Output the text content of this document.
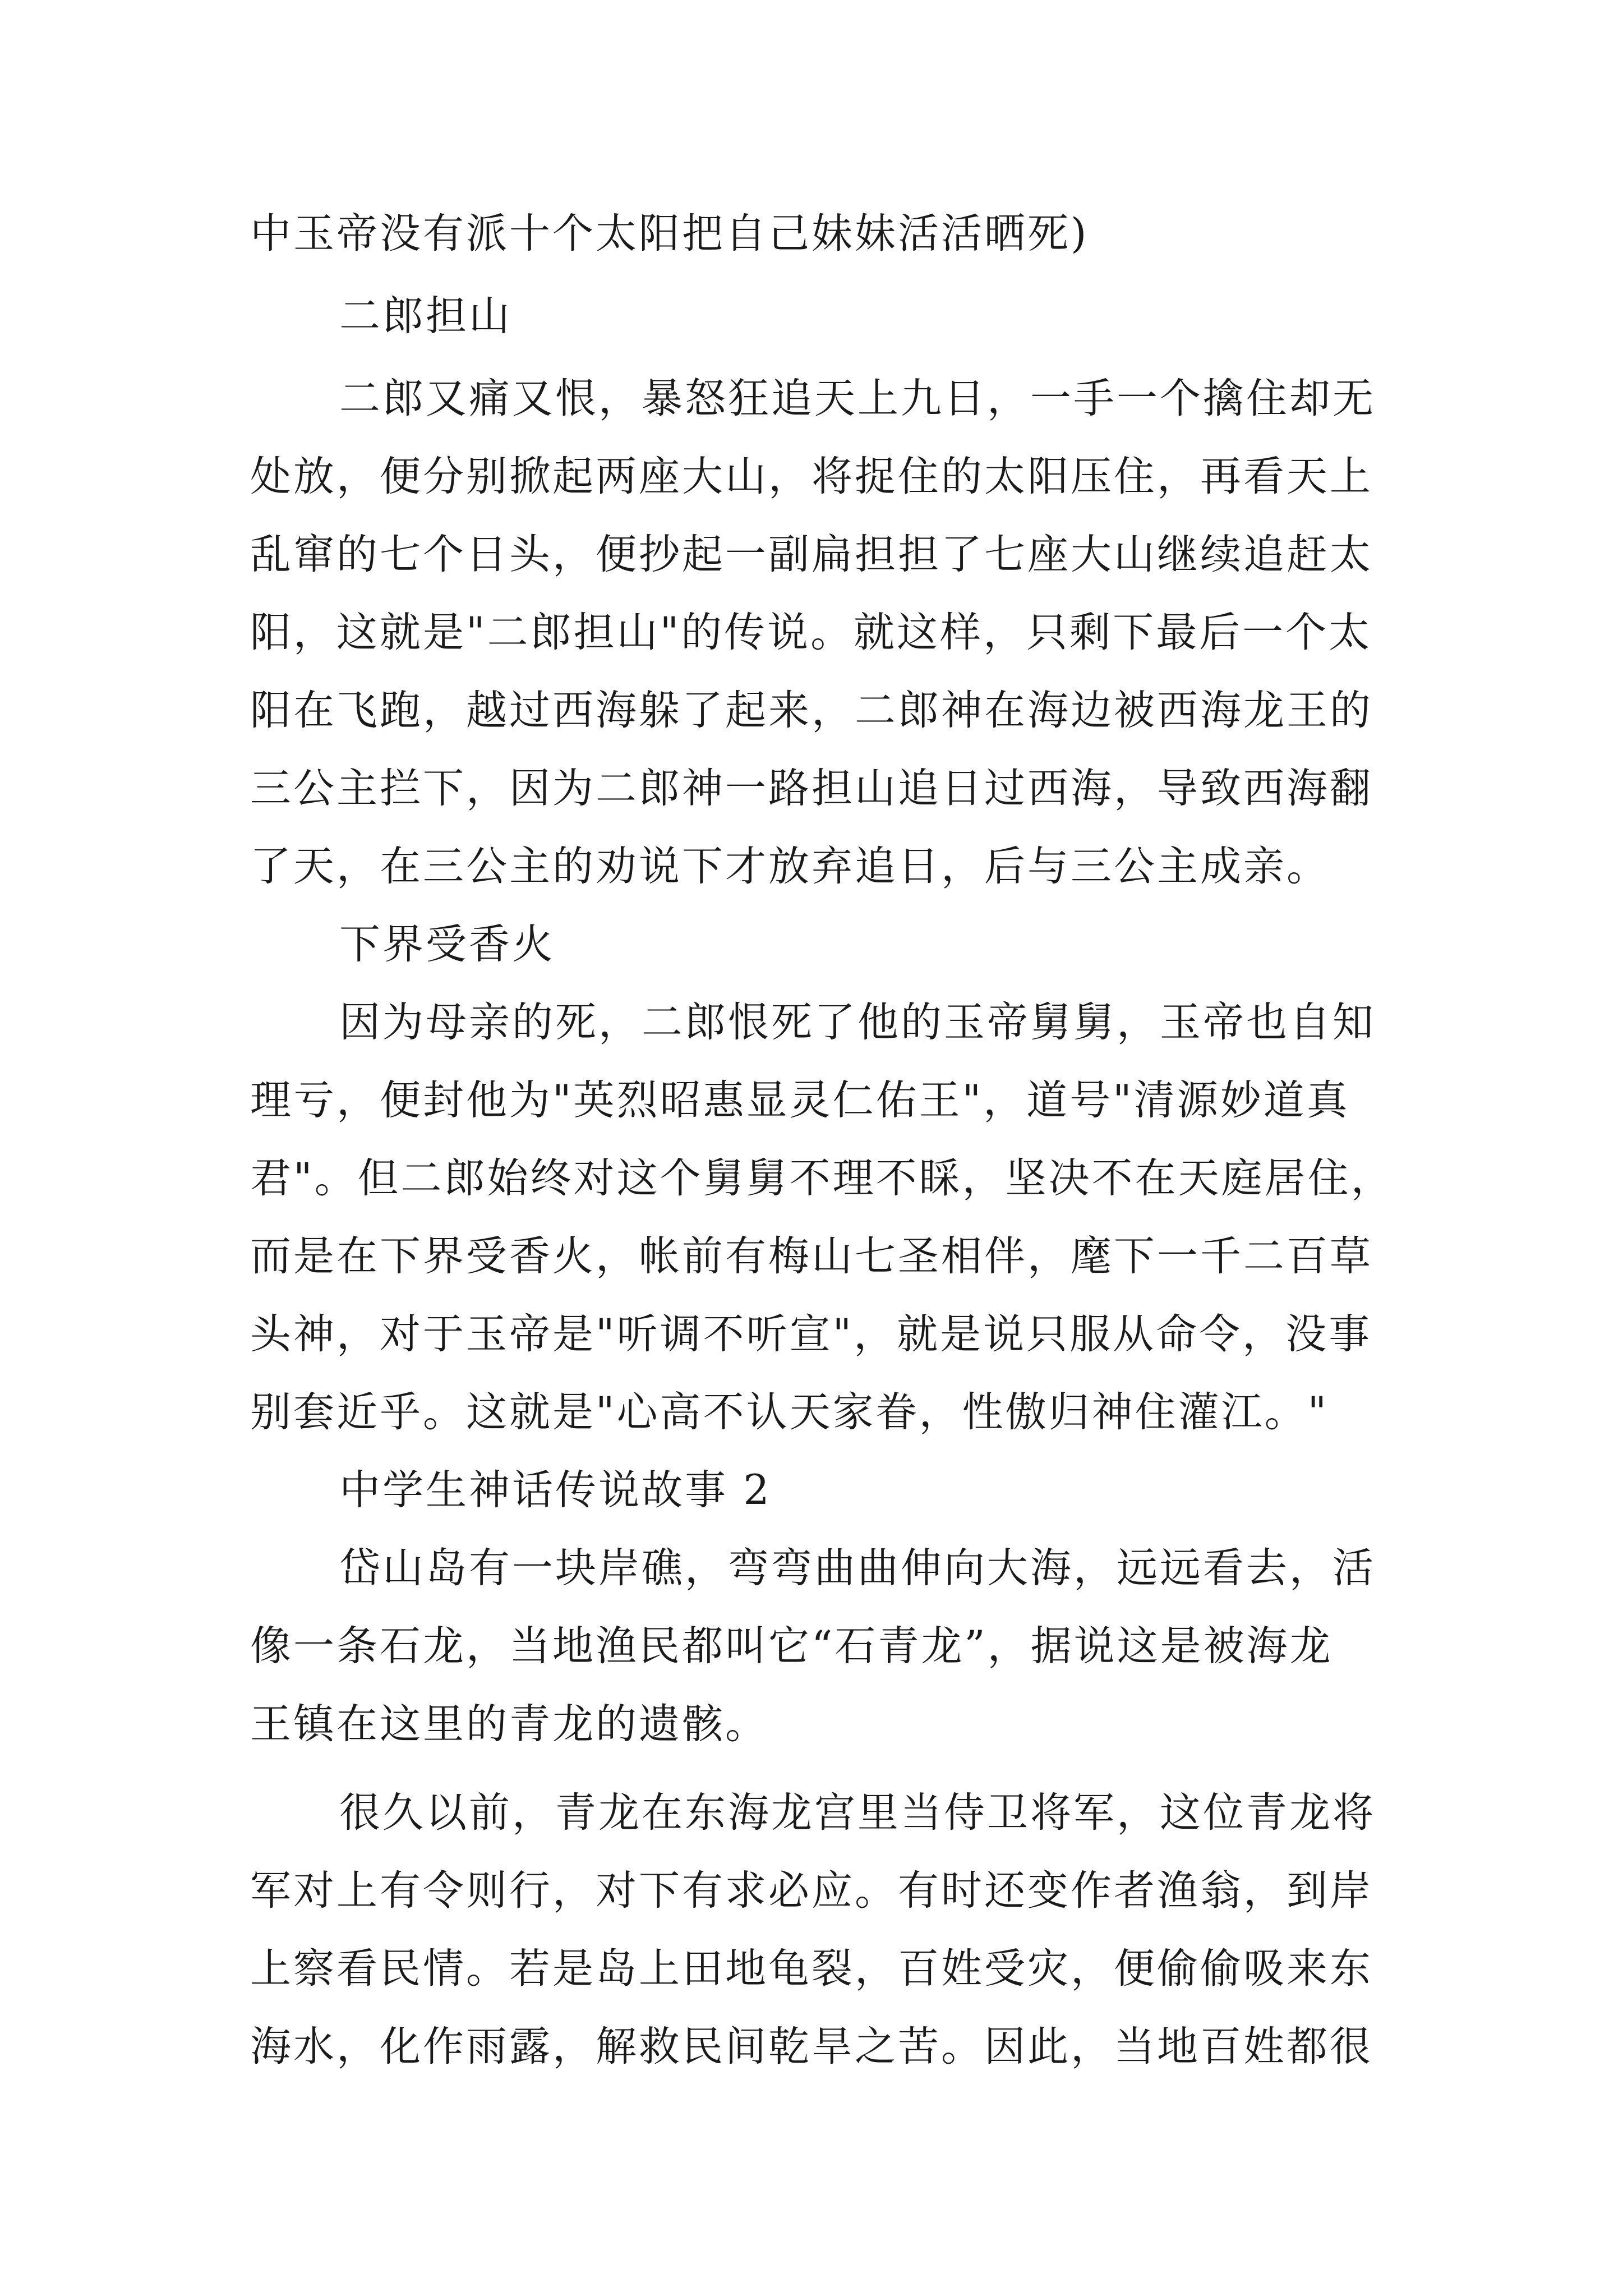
中玉帝没有派十个太阳把自己妹妹活活晒死)
二郎担山
二郎又痛又恨，暴怒狂追天上九日，一手一个擒住却无
处放，便分别掀起两座大山，将捉住的太阳压住，再看天上
乱窜的七个日头，便抄起一副扁担担了七座大山继续追赶太
阳，这就是"二郎担山"的传说。就这样，只剩下最后一个太
阳在飞跑，越过西海躲了起来，二郎神在海边被西海龙王的
三公主拦下，因为二郎神一路担山追日过西海，导致西海翻
了天，在三公主的劝说下才放弃追日，后与三公主成亲。
下界受香火
因为母亲的死，二郎恨死了他的玉帝舅舅，玉帝也自知
理亏，便封他为"英烈昭惠显灵仁佑王"，道号"清源妙道真
君"。但二郎始终对这个舅舅不理不睬，坚决不在天庭居住，
而是在下界受香火，帐前有梅山七圣相伴，麾下一千二百草
头神，对于玉帝是"听调不听宣"，就是说只服从命令，没事
别套近乎。这就是"心高不认天家眷，性傲归神住灌江。"
中学生神话传说故事 2
岱山岛有一块岸礁，弯弯曲曲伸向大海，远远看去，活
像一条石龙，当地渔民都叫它“石青龙”，据说这是被海龙
王镇在这里的青龙的遗骸。
很久以前，青龙在东海龙宫里当侍卫将军，这位青龙将
军对上有令则行，对下有求必应。有时还变作者渔翁，到岸
上察看民情。若是岛上田地龟裂，百姓受灾，便偷偷吸来东
海水，化作雨露，解救民间乾旱之苦。因此，当地百姓都很
